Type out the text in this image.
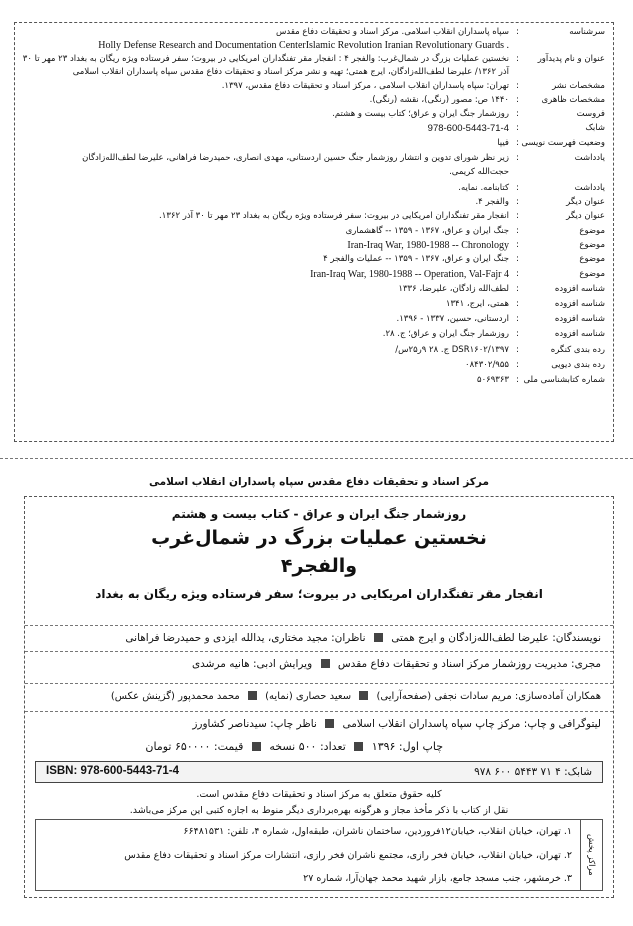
سرشناسه
:
سپاه پاسداران انقلاب اسلامی. مرکز اسناد و تحقیقات دفاع مقدس
Holly Defense Research and Documentation CenterIslamic Revolution Iranian Revolutionary Guards .
عنوان و نام پدیدآور
:
نخستین عملیات بزرگ در شمال‌غرب: والفجر ۴ : انفجار مقر تفنگداران امریکایی در بیروت؛ سفر فرستاده ویژه ریگان به بغداد ۲۳ مهر تا ۳۰
آذر ۱۳۶۲/ علیرضا لطف‌الله‌زادگان، ایرج همتی؛ تهیه و نشر مرکز اسناد و تحقیقات دفاع مقدس سپاه پاسداران انقلاب اسلامی
مشخصات نشر
:
تهران: سپاه پاسداران انقلاب اسلامی ، مرکز اسناد و تحقیقات دفاع مقدس، ۱۳۹۷.
مشخصات ظاهری
:
۱۴۴۰ ص: مصور (رنگی)، نقشه (رنگی).
فروست
:
روزشمار جنگ ایران و عراق؛ کتاب بیست و هشتم.
شابک
:
978-600-5443-71-4
وضعیت فهرست نویسی
:
فیپا
یادداشت
:
زیر نظر شورای تدوین و انتشار روزشمار جنگ حسین اردستانی، مهدی انصاری، حمیدرضا فراهانی، علیرضا لطف‌الله‌زادگان
حجت‌الله کریمی.
یادداشت
:
کتابنامه. نمایه.
عنوان دیگر
:
والفجر ۴.
عنوان دیگر
:
انفجار مقر تفنگداران امریکایی در بیروت: سفر فرستاده ویژه ریگان به بغداد ۲۳ مهر تا ۳۰ آذر ۱۳۶۲.
موضوع
:
جنگ ایران و عراق، ۱۳۶۷ - ۱۳۵۹ -- گاهشماری
موضوع
:
Iran-Iraq War, 1980-1988 -- Chronology
موضوع
:
جنگ ایران و عراق، ۱۳۶۷ - ۱۳۵۹ -- عملیات والفجر ۴
موضوع
:
Iran-Iraq War, 1980-1988 -- Operation, Val-Fajr 4
شناسه افزوده
:
لطف‌الله زادگان، علیرضا، ۱۳۳۶
شناسه افزوده
:
همتی، ایرج، ۱۳۴۱
شناسه افزوده
:
اردستانی، حسین، ۱۳۳۷ - ۱۳۹۶.
شناسه افزوده
:
روزشمار جنگ ایران و عراق؛ ج. ۲۸.
رده بندی کنگره
:
DSR۱۶۰۲/۱۳۹۷ ج. ۲۸ ۹ر۲۵س/
رده بندی دیویی
:
۰۸۴۳۰۲/۹۵۵
شماره کتابشناسی ملی
:
۵۰۶۹۳۶۳
مرکز اسناد و تحقیقات دفاع مقدس سپاه پاسداران انقلاب اسلامی
روزشمار جنگ ایران و عراق - کتاب بیست و هشتم
نخستین عملیات بزرگ در شمال‌غرب
والفجر۴
انفجار مقر تفنگداران امریکایی در بیروت؛ سفر فرستاده ویژه ریگان به بغداد
نویسندگان: علیرضا لطف‌الله‌زادگان و ایرج همتی  ناظران: مجید مختاری، یدالله ایزدی و حمیدرضا فراهانی
مجری: مدیریت روزشمار مرکز اسناد و تحقیقات دفاع مقدس  ویرایش ادبی: هانیه مرشدی
همکاران آماده‌سازی: مریم سادات نجفی (صفحه‌آرایی)  سعید حصاری (نمایه)  محمد محمدپور (گزینش عکس)
لیتوگرافی و چاپ: مرکز چاپ سپاه پاسداران انقلاب اسلامی  ناظر چاپ: سیدناصر کشاورز
چاپ اول: ۱۳۹۶  تعداد: ۵۰۰ نسخه  قیمت: ۶۵۰۰۰۰ تومان
شابک: ۴ ۷۱ ۵۴۴۳ ۶۰۰ ۹۷۸
ISBN: 978-600-5443-71-4
کلیه حقوق متعلق به مرکز اسناد و تحقیقات دفاع مقدس است.
نقل از کتاب با ذکر مأخذ مجاز و هرگونه بهره‌برداری دیگر منوط به اجازه کتبی این مرکز می‌باشد.
مراکز پخش
۱. تهران، خیابان انقلاب، خیابان۱۲فروردین، ساختمان ناشران، طبقه‌اول، شماره ۴، تلفن: ۶۶۴۸۱۵۳۱
۲. تهران، خیابان انقلاب، خیابان فخر رازی، مجتمع ناشران فخر رازی، انتشارات مرکز اسناد و تحقیقات دفاع مقدس
۳. خرمشهر، جنب مسجد جامع، بازار شهید محمد جهان‌آرا، شماره ۲۷
